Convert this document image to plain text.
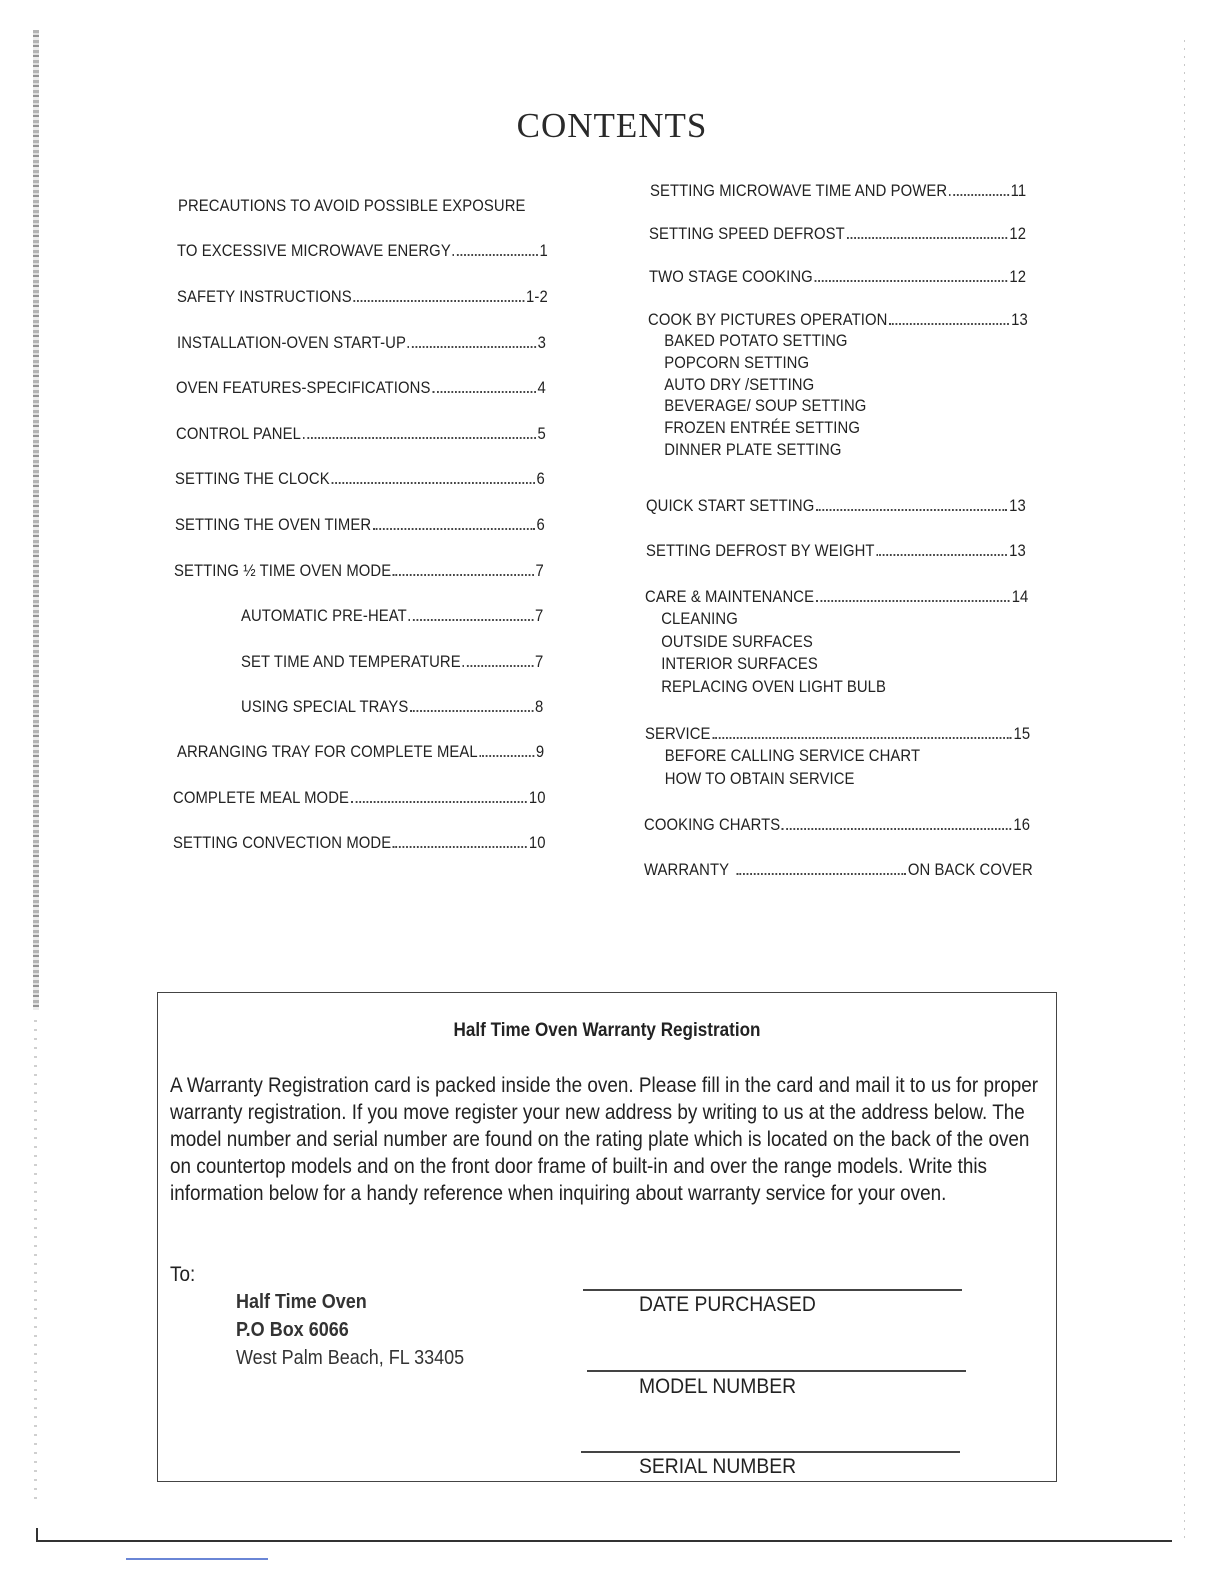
CONTENTS
PRECAUTIONS TO AVOID POSSIBLE EXPOSURE
TO EXCESSIVE MICROWAVE ENERGY	1
SAFETY INSTRUCTIONS	1-2
INSTALLATION-OVEN START-UP	3
OVEN FEATURES-SPECIFICATIONS	4
CONTROL PANEL	5
SETTING THE CLOCK	6
SETTING THE OVEN TIMER	6
SETTING ½ TIME OVEN MODE	7
AUTOMATIC PRE-HEAT	7
SET TIME AND TEMPERATURE	7
USING SPECIAL TRAYS	8
ARRANGING TRAY FOR COMPLETE MEAL	9
COMPLETE MEAL MODE	10
SETTING CONVECTION MODE	10
SETTING MICROWAVE TIME AND POWER	11
SETTING SPEED DEFROST	12
TWO STAGE COOKING	12
COOK BY PICTURES OPERATION	13
BAKED POTATO SETTING
POPCORN SETTING
AUTO DRY /SETTING
BEVERAGE/ SOUP SETTING
FROZEN ENTRÉE SETTING
DINNER PLATE SETTING
QUICK START SETTING	13
SETTING DEFROST BY WEIGHT	13
CARE & MAINTENANCE	14
CLEANING
OUTSIDE SURFACES
INTERIOR SURFACES
REPLACING OVEN LIGHT BULB
SERVICE	15
BEFORE CALLING SERVICE CHART
HOW TO OBTAIN SERVICE
COOKING CHARTS	16
WARRANTY	ON BACK COVER
Half Time Oven Warranty Registration
A Warranty Registration card is packed inside the oven. Please fill in the card and mail it to us for proper warranty registration. If you move register your new address by writing to us at the address below. The model number and serial number are found on the rating plate which is located on the back of the oven on countertop models and on the front door frame of built-in and over the range models. Write this information below for a handy reference when inquiring about warranty service for your oven.
To:
Half Time Oven
P.O Box 6066
West Palm Beach, FL 33405
DATE PURCHASED
MODEL NUMBER
SERIAL NUMBER
